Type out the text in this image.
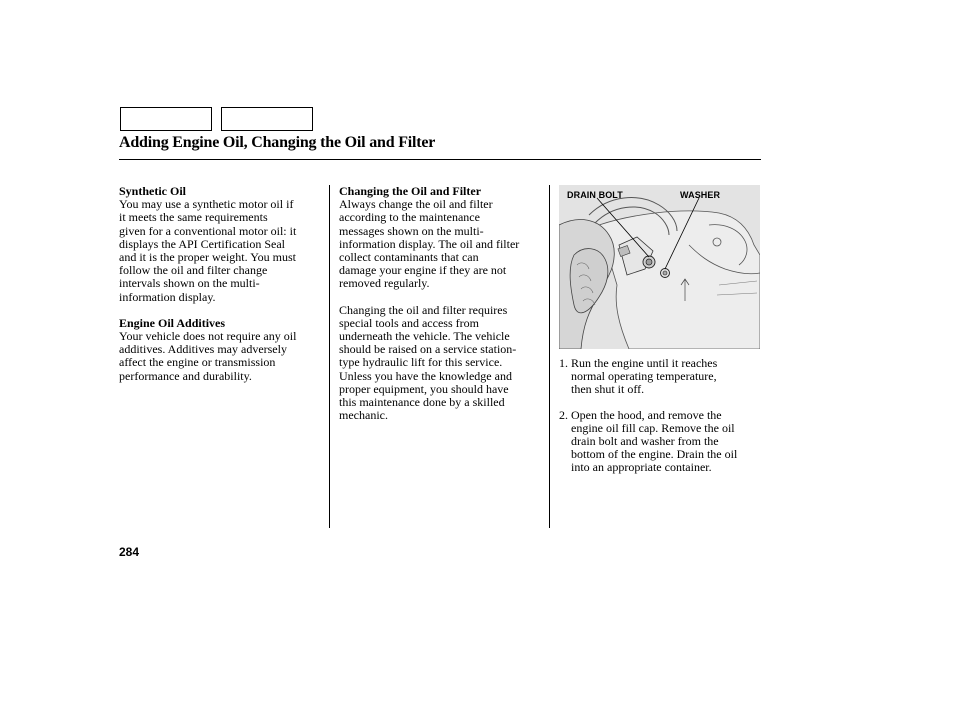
Adding Engine Oil, Changing the Oil and Filter
Synthetic Oil

You may use a synthetic motor oil if
it meets the same requirements
given for a conventional motor oil: it
displays the API Certification Seal
and it is the proper weight. You must
follow the oil and filter change
intervals shown on the multi-
information display.

Engine Oil Additives

Your vehicle does not require any oil
additives. Additives may adversely
affect the engine or transmission
performance and durability.

Changing the Oil and Filter

Always change the oil and filter
according to the maintenance
messages shown on the multi-
information display. The oil and filter
collect contaminants that can
damage your engine if they are not
removed regularly.

Changing the oil and filter requires
special tools and access from
underneath the vehicle. The vehicle
should be raised on a service station-
type hydraulic lift for this service.
Unless you have the knowledge and
proper equipment, you should have
this maintenance done by a skilled
mechanic.

DRAIN BOLT	WASHER
1. Run the engine until it reaches
normal operating temperature,
then shut it off.
2. Open the hood, and remove the
engine oil fill cap. Remove the oil
drain bolt and washer from the
bottom of the engine. Drain the oil
into an appropriate container.
284
